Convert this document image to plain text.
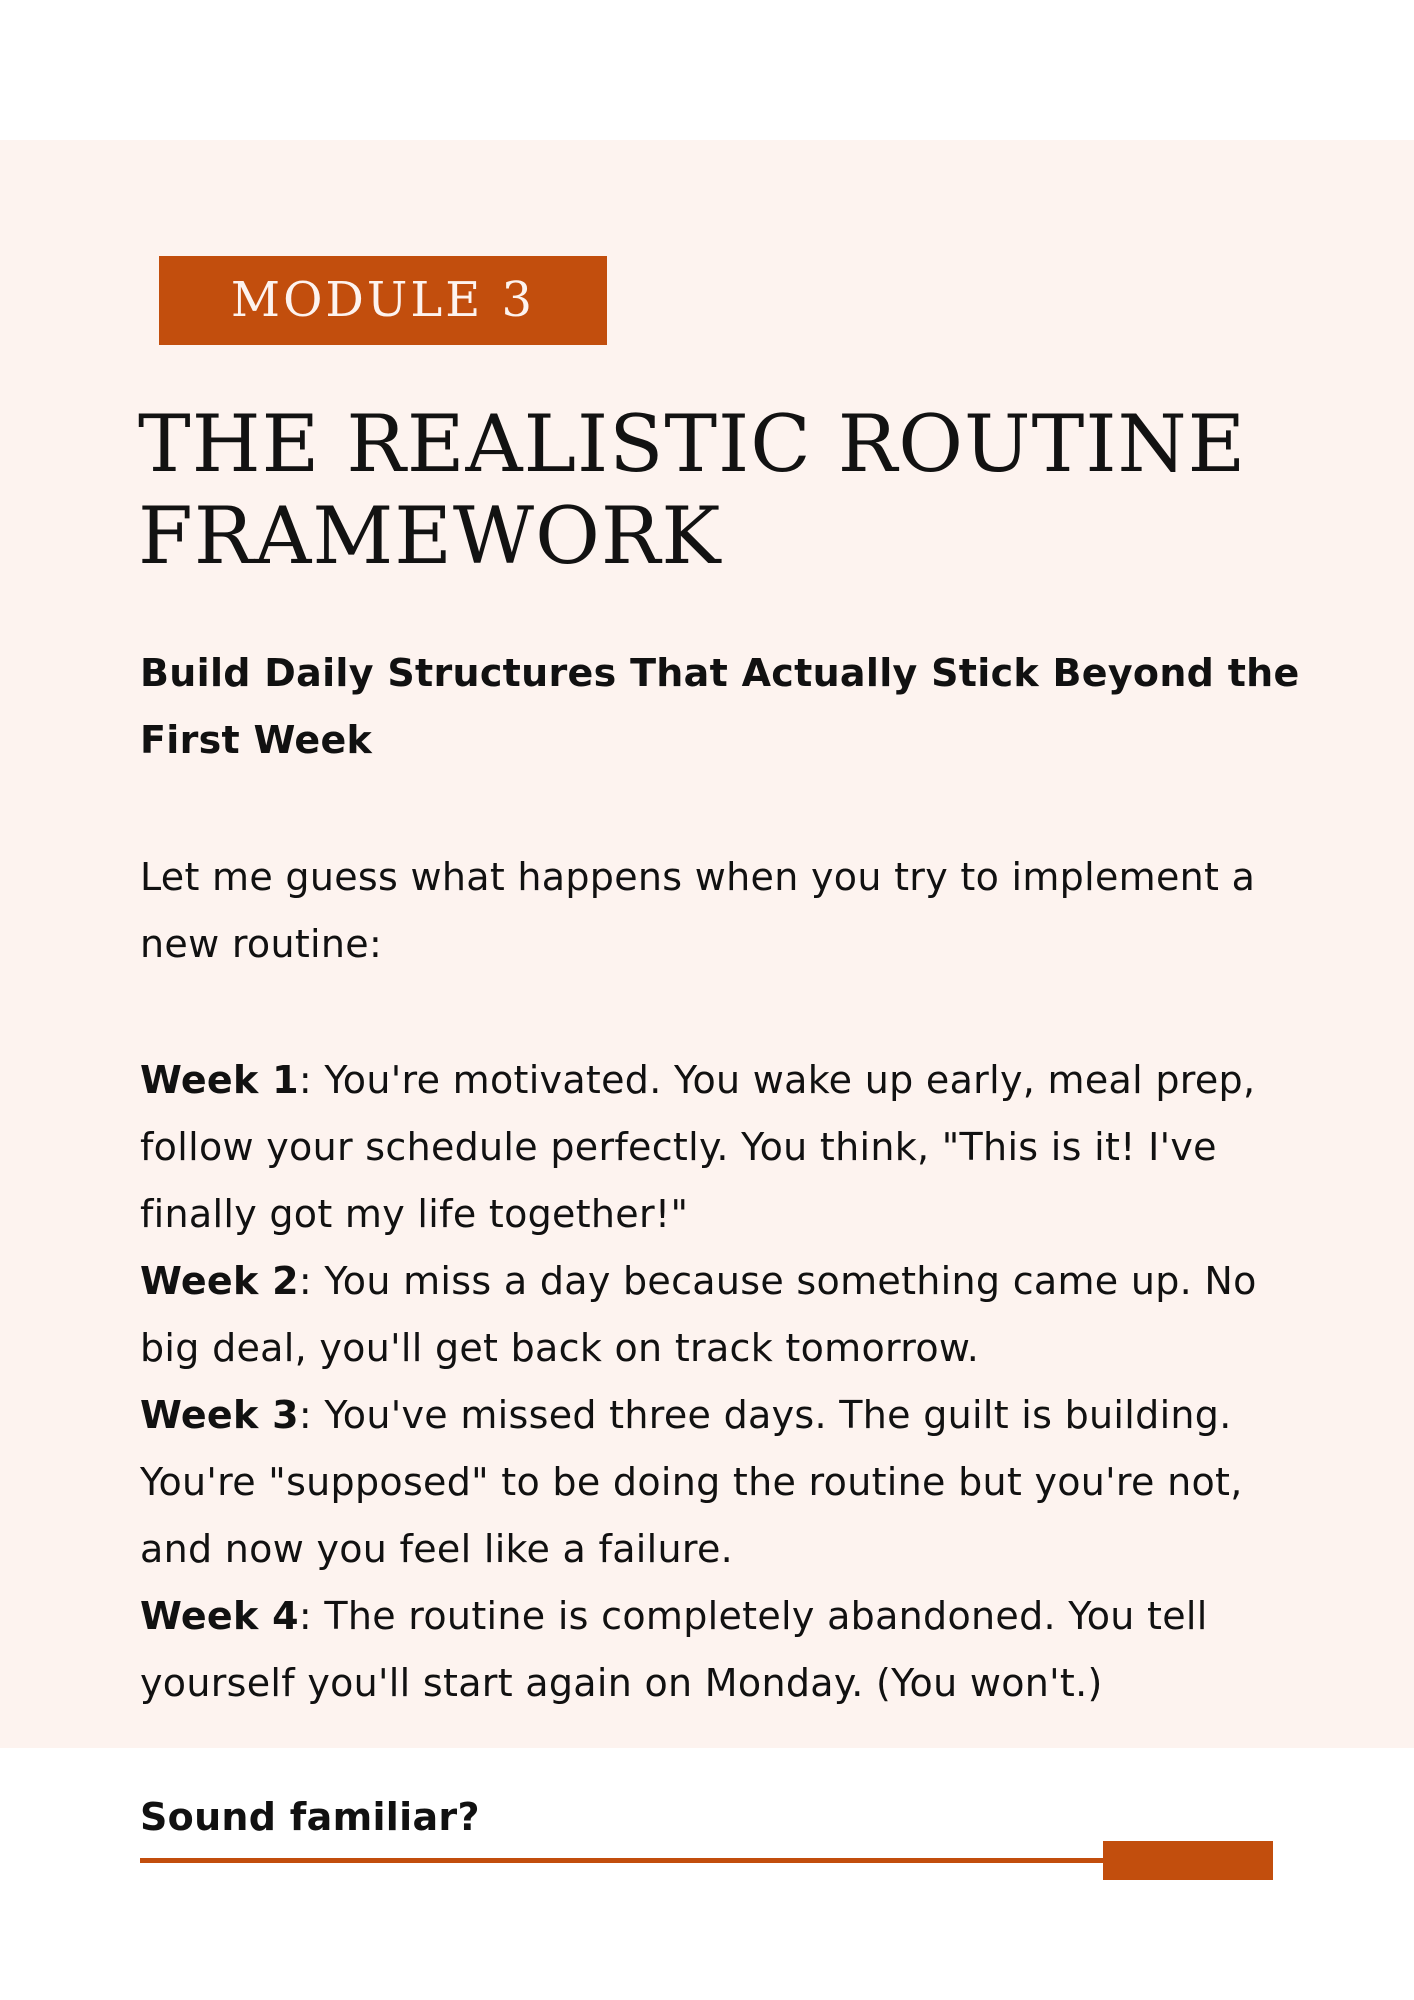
MODULE 3
THE REALISTIC ROUTINE
FRAMEWORK

Build Daily Structures That Actually Stick Beyond the First Week

Let me guess what happens when you try to implement a new routine:

Week 1: You're motivated. You wake up early, meal prep, follow your schedule perfectly. You think, "This is it! I've finally got my life together!"
Week 2: You miss a day because something came up. No big deal, you'll get back on track tomorrow.
Week 3: You've missed three days. The guilt is building. You're "supposed" to be doing the routine but you're not, and now you feel like a failure.
Week 4: The routine is completely abandoned. You tell yourself you'll start again on Monday. (You won't.)

Sound familiar?
